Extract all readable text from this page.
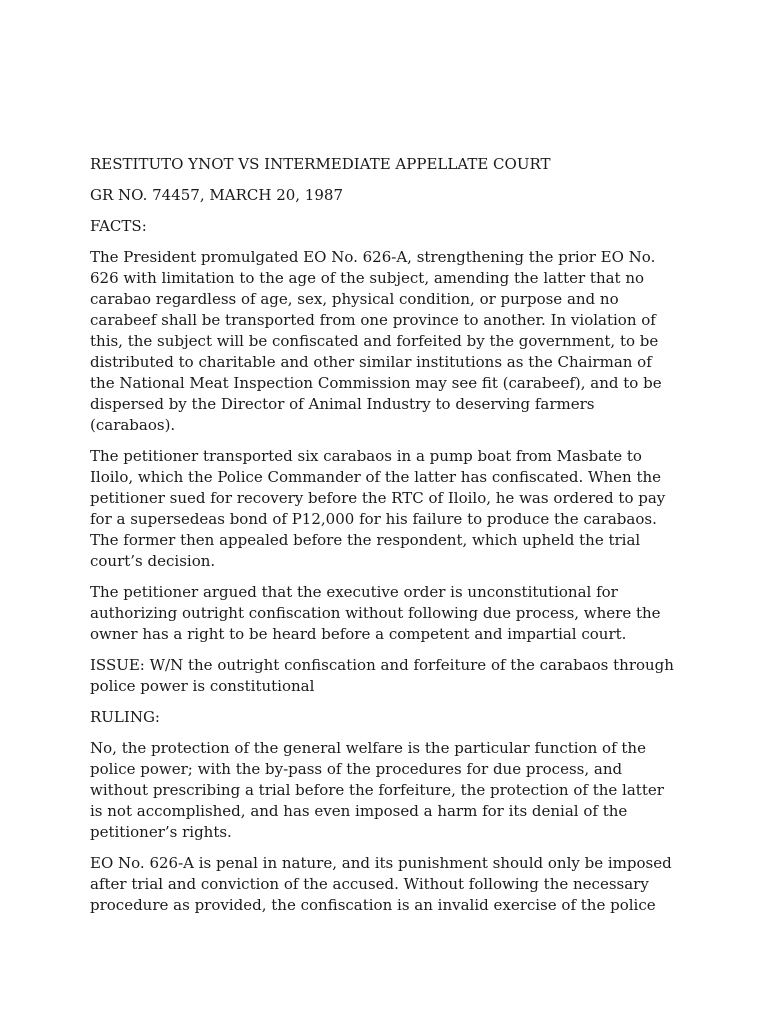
RESTITUTO YNOT VS INTERMEDIATE APPELLATE COURT

GR NO. 74457, MARCH 20, 1987

FACTS:

The President promulgated EO No. 626-A, strengthening the prior EO No.
626 with limitation to the age of the subject, amending the latter that no
carabao regardless of age, sex, physical condition, or purpose and no
carabeef shall be transported from one province to another. In violation of
this, the subject will be confiscated and forfeited by the government, to be
distributed to charitable and other similar institutions as the Chairman of
the National Meat Inspection Commission may see fit (carabeef), and to be
dispersed by the Director of Animal Industry to deserving farmers
(carabaos).

The petitioner transported six carabaos in a pump boat from Masbate to
Iloilo, which the Police Commander of the latter has confiscated. When the
petitioner sued for recovery before the RTC of Iloilo, he was ordered to pay
for a supersedeas bond of P12,000 for his failure to produce the carabaos.
The former then appealed before the respondent, which upheld the trial
court’s decision.

The petitioner argued that the executive order is unconstitutional for
authorizing outright confiscation without following due process, where the
owner has a right to be heard before a competent and impartial court.

ISSUE: W/N the outright confiscation and forfeiture of the carabaos through
police power is constitutional

RULING:

No, the protection of the general welfare is the particular function of the
police power; with the by-pass of the procedures for due process, and
without prescribing a trial before the forfeiture, the protection of the latter
is not accomplished, and has even imposed a harm for its denial of the
petitioner’s rights.

EO No. 626-A is penal in nature, and its punishment should only be imposed
after trial and conviction of the accused. Without following the necessary
procedure as provided, the confiscation is an invalid exercise of the police
